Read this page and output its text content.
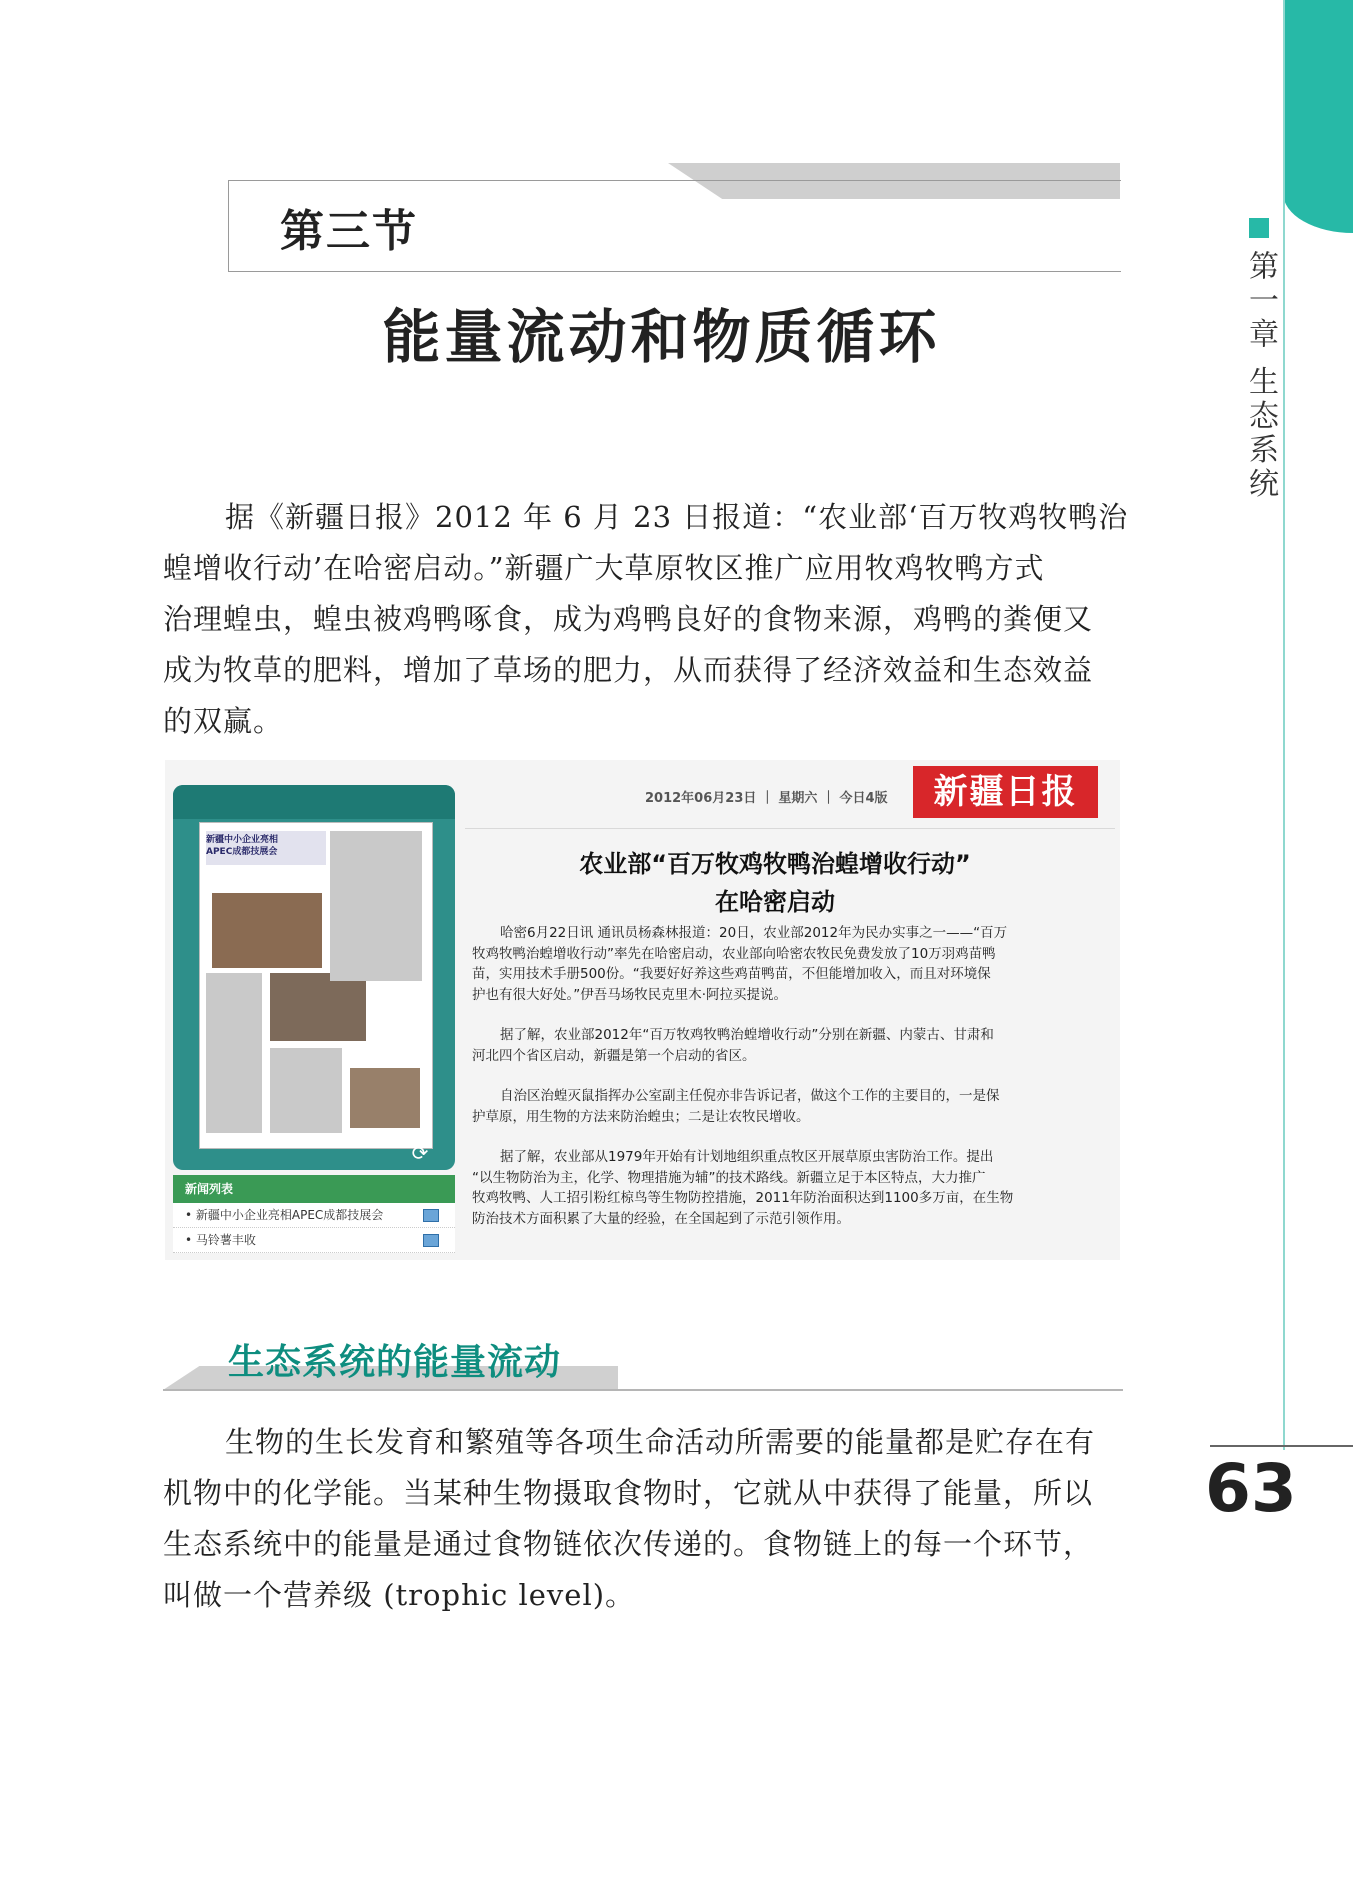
第一章 生态系统
63
第三节
能量流动和物质循环
据《新疆日报》2012 年 6 月 23 日报道：“农业部‘百万牧鸡牧鸭治
蝗增收行动’在哈密启动。”新疆广大草原牧区推广应用牧鸡牧鸭方式
治理蝗虫，蝗虫被鸡鸭啄食，成为鸡鸭良好的食物来源，鸡鸭的粪便又
成为牧草的肥料，增加了草场的肥力，从而获得了经济效益和生态效益
的双赢。
新疆中小企业亮相
APEC成都技展会
⟳
新闻列表
• 新疆中小企业亮相APEC成都技展会
• 马铃薯丰收
2012年06月23日 ｜ 星期六 ｜ 今日4版	新疆日报
农业部“百万牧鸡牧鸭治蝗增收行动”
在哈密启动

哈密6月22日讯 通讯员杨森林报道：20日，农业部2012年为民办实事之一——“百万
牧鸡牧鸭治蝗增收行动”率先在哈密启动，农业部向哈密农牧民免费发放了10万羽鸡苗鸭
苗，实用技术手册500份。“我要好好养这些鸡苗鸭苗，不但能增加收入，而且对环境保
护也有很大好处。”伊吾马场牧民克里木·阿拉买提说。

据了解，农业部2012年“百万牧鸡牧鸭治蝗增收行动”分别在新疆、内蒙古、甘肃和
河北四个省区启动，新疆是第一个启动的省区。

自治区治蝗灭鼠指挥办公室副主任倪亦非告诉记者，做这个工作的主要目的，一是保
护草原，用生物的方法来防治蝗虫；二是让农牧民增收。

据了解，农业部从1979年开始有计划地组织重点牧区开展草原虫害防治工作。提出
“以生物防治为主，化学、物理措施为辅”的技术路线。新疆立足于本区特点，大力推广
牧鸡牧鸭、人工招引粉红椋鸟等生物防控措施，2011年防治面积达到1100多万亩，在生物
防治技术方面积累了大量的经验，在全国起到了示范引领作用。

生态系统的能量流动
生物的生长发育和繁殖等各项生命活动所需要的能量都是贮存在有
机物中的化学能。当某种生物摄取食物时，它就从中获得了能量，所以
生态系统中的能量是通过食物链依次传递的。食物链上的每一个环节，
叫做一个营养级 (trophic level)。
